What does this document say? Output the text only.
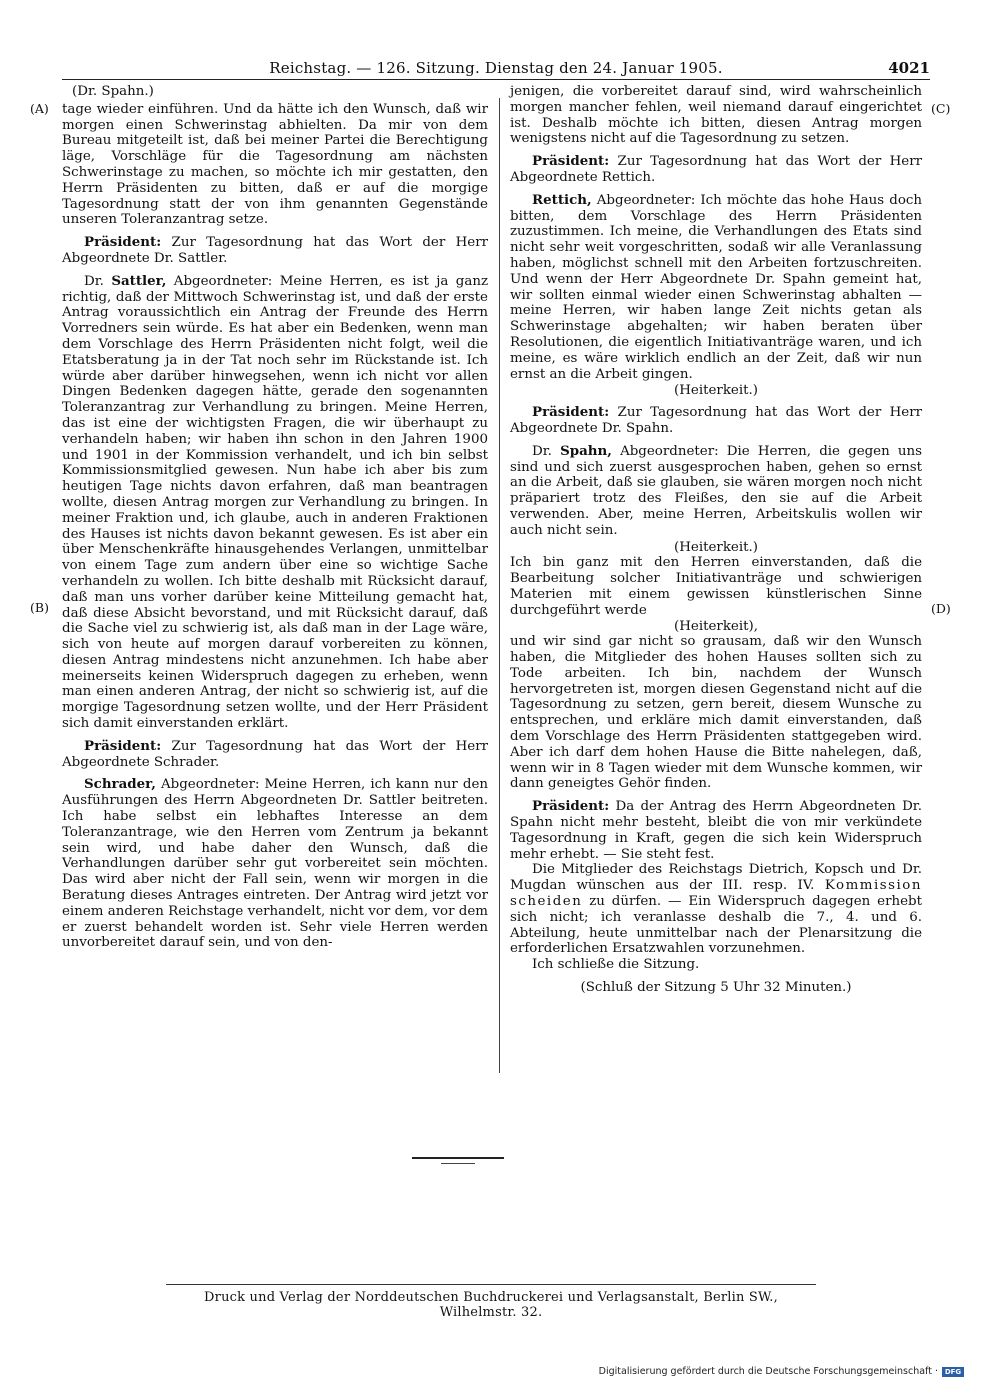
Reichstag. — 126. Sitzung. Dienstag den 24. Januar 1905.	4021
(A)
(B)
(C)
(D)

(Dr. Spahn.)

tage wieder einführen. Und da hätte ich den Wunsch, daß wir morgen einen Schwerinstag abhielten. Da mir von dem Bureau mitgeteilt ist, daß bei meiner Partei die Berechtigung läge, Vorschläge für die Tagesordnung am nächsten Schwerinstage zu machen, so möchte ich mir gestatten, den Herrn Präsidenten zu bitten, daß er auf die morgige Tagesordnung statt der von ihm genannten Gegenstände unseren Toleranzantrag setze.

Präsident: Zur Tagesordnung hat das Wort der Herr Abgeordnete Dr. Sattler.

Dr. Sattler, Abgeordneter: Meine Herren, es ist ja ganz richtig, daß der Mittwoch Schwerinstag ist, und daß der erste Antrag voraussichtlich ein Antrag der Freunde des Herrn Vorredners sein würde. Es hat aber ein Bedenken, wenn man dem Vorschlage des Herrn Präsidenten nicht folgt, weil die Etatsberatung ja in der Tat noch sehr im Rückstande ist. Ich würde aber darüber hinwegsehen, wenn ich nicht vor allen Dingen Bedenken dagegen hätte, gerade den sogenannten Toleranzantrag zur Verhandlung zu bringen. Meine Herren, das ist eine der wichtigsten Fragen, die wir überhaupt zu verhandeln haben; wir haben ihn schon in den Jahren 1900 und 1901 in der Kommission verhandelt, und ich bin selbst Kommissionsmitglied gewesen. Nun habe ich aber bis zum heutigen Tage nichts davon erfahren, daß man beantragen wollte, diesen Antrag morgen zur Verhandlung zu bringen. In meiner Fraktion und, ich glaube, auch in anderen Fraktionen des Hauses ist nichts davon bekannt gewesen. Es ist aber ein über Menschenkräfte hinausgehendes Verlangen, unmittelbar von einem Tage zum andern über eine so wichtige Sache verhandeln zu wollen. Ich bitte deshalb mit Rücksicht darauf, daß man uns vorher darüber keine Mitteilung gemacht hat, daß diese Absicht bevorstand, und mit Rücksicht darauf, daß die Sache viel zu schwierig ist, als daß man in der Lage wäre, sich von heute auf morgen darauf vorbereiten zu können, diesen Antrag mindestens nicht anzunehmen. Ich habe aber meinerseits keinen Widerspruch dagegen zu erheben, wenn man einen anderen Antrag, der nicht so schwierig ist, auf die morgige Tagesordnung setzen wollte, und der Herr Präsident sich damit einverstanden erklärt.

Präsident: Zur Tagesordnung hat das Wort der Herr Abgeordnete Schrader.

Schrader, Abgeordneter: Meine Herren, ich kann nur den Ausführungen des Herrn Abgeordneten Dr. Sattler beitreten. Ich habe selbst ein lebhaftes Interesse an dem Toleranzantrage, wie den Herren vom Zentrum ja bekannt sein wird, und habe daher den Wunsch, daß die Verhandlungen darüber sehr gut vorbereitet sein möchten. Das wird aber nicht der Fall sein, wenn wir morgen in die Beratung dieses Antrages eintreten. Der Antrag wird jetzt vor einem anderen Reichstage verhandelt, nicht vor dem, vor dem er zuerst behandelt worden ist. Sehr viele Herren werden unvorbereitet darauf sein, und von den-

jenigen, die vorbereitet darauf sind, wird wahrscheinlich morgen mancher fehlen, weil niemand darauf eingerichtet ist. Deshalb möchte ich bitten, diesen Antrag morgen wenigstens nicht auf die Tagesordnung zu setzen.

Präsident: Zur Tagesordnung hat das Wort der Herr Abgeordnete Rettich.

Rettich, Abgeordneter: Ich möchte das hohe Haus doch bitten, dem Vorschlage des Herrn Präsidenten zuzustimmen. Ich meine, die Verhandlungen des Etats sind nicht sehr weit vorgeschritten, sodaß wir alle Veranlassung haben, möglichst schnell mit den Arbeiten fortzuschreiten. Und wenn der Herr Abgeordnete Dr. Spahn gemeint hat, wir sollten einmal wieder einen Schwerinstag abhalten — meine Herren, wir haben lange Zeit nichts getan als Schwerinstage abgehalten; wir haben beraten über Resolutionen, die eigentlich Initiativanträge waren, und ich meine, es wäre wirklich endlich an der Zeit, daß wir nun ernst an die Arbeit gingen.

(Heiterkeit.)

Präsident: Zur Tagesordnung hat das Wort der Herr Abgeordnete Dr. Spahn.

Dr. Spahn, Abgeordneter: Die Herren, die gegen uns sind und sich zuerst ausgesprochen haben, gehen so ernst an die Arbeit, daß sie glauben, sie wären morgen noch nicht präpariert trotz des Fleißes, den sie auf die Arbeit verwenden. Aber, meine Herren, Arbeitskulis wollen wir auch nicht sein.

(Heiterkeit.)

Ich bin ganz mit den Herren einverstanden, daß die Bearbeitung solcher Initiativanträge und schwierigen Materien mit einem gewissen künstlerischen Sinne durchgeführt werde

(Heiterkeit),

und wir sind gar nicht so grausam, daß wir den Wunsch haben, die Mitglieder des hohen Hauses sollten sich zu Tode arbeiten. Ich bin, nachdem der Wunsch hervorgetreten ist, morgen diesen Gegenstand nicht auf die Tagesordnung zu setzen, gern bereit, diesem Wunsche zu entsprechen, und erkläre mich damit einverstanden, daß dem Vorschlage des Herrn Präsidenten stattgegeben wird. Aber ich darf dem hohen Hause die Bitte nahelegen, daß, wenn wir in 8 Tagen wieder mit dem Wunsche kommen, wir dann geneigtes Gehör finden.

Präsident: Da der Antrag des Herrn Abgeordneten Dr. Spahn nicht mehr besteht, bleibt die von mir verkündete Tagesordnung in Kraft, gegen die sich kein Widerspruch mehr erhebt. — Sie steht fest.

Die Mitglieder des Reichstags Dietrich, Kopsch und Dr. Mugdan wünschen aus der III. resp. IV. Kommission scheiden zu dürfen. — Ein Widerspruch dagegen erhebt sich nicht; ich veranlasse deshalb die 7., 4. und 6. Abteilung, heute unmittelbar nach der Plenarsitzung die erforderlichen Ersatzwahlen vorzunehmen.

Ich schließe die Sitzung.

(Schluß der Sitzung 5 Uhr 32 Minuten.)

Druck und Verlag der Norddeutschen Buchdruckerei und Verlagsanstalt, Berlin SW., Wilhelmstr. 32.
Digitalisierung gefördert durch die Deutsche Forschungsgemeinschaft · DFG
